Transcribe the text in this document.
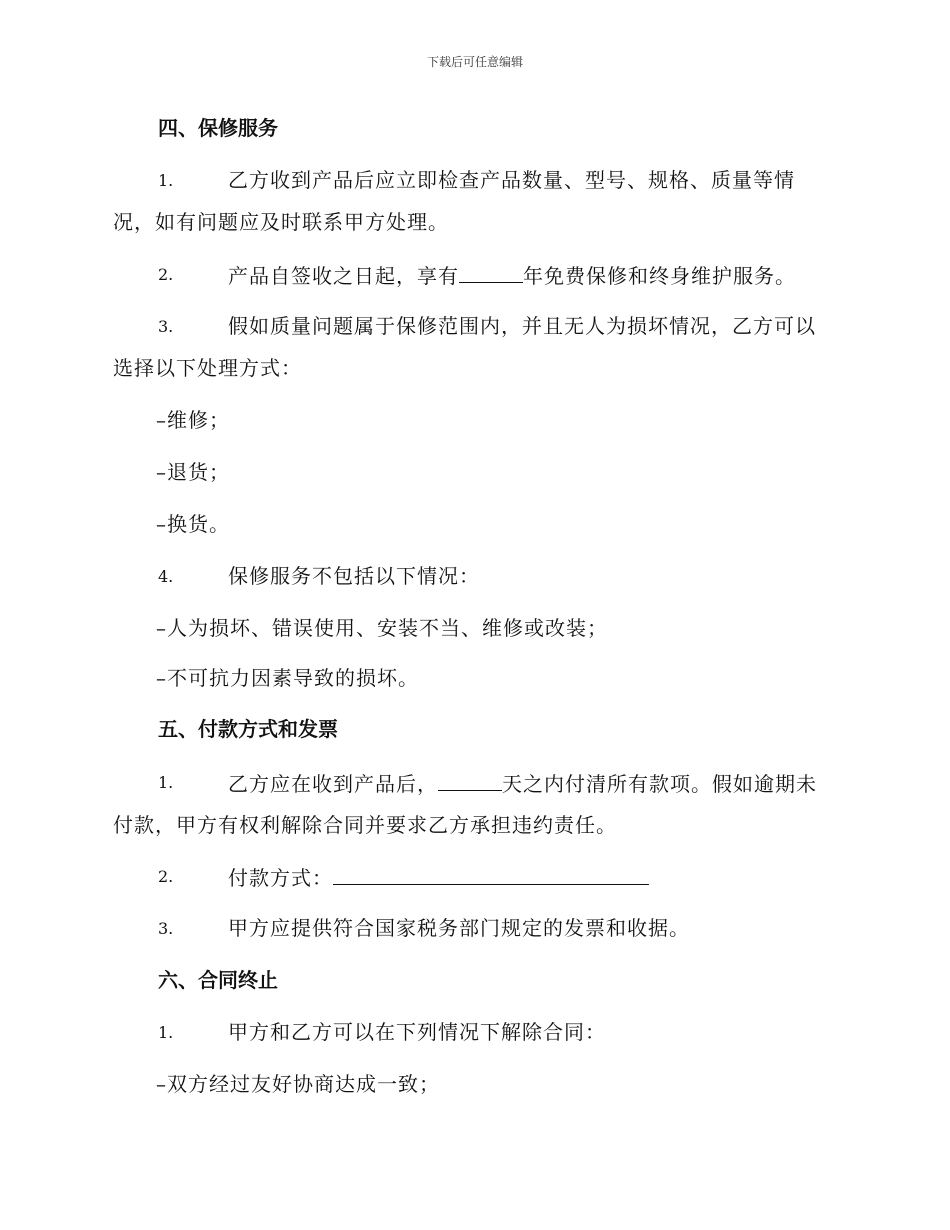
下载后可任意编辑
四、保修服务
1.	乙方收到产品后应立即检查产品数量、型号、规格、质量等情
况，如有问题应及时联系甲方处理。
2.	产品自签收之日起，享有	年免费保修和终身维护服务。
3.	假如质量问题属于保修范围内，并且无人为损坏情况，乙方可以
选择以下处理方式：
–维修；
–退货；
–换货。
4.	保修服务不包括以下情况：
–人为损坏、错误使用、安装不当、维修或改装；
–不可抗力因素导致的损坏。
五、付款方式和发票
1.	乙方应在收到产品后，	天之内付清所有款项。假如逾期未
付款，甲方有权利解除合同并要求乙方承担违约责任。
2.	付款方式：
3.	甲方应提供符合国家税务部门规定的发票和收据。
六、合同终止
1.	甲方和乙方可以在下列情况下解除合同：
–双方经过友好协商达成一致；
